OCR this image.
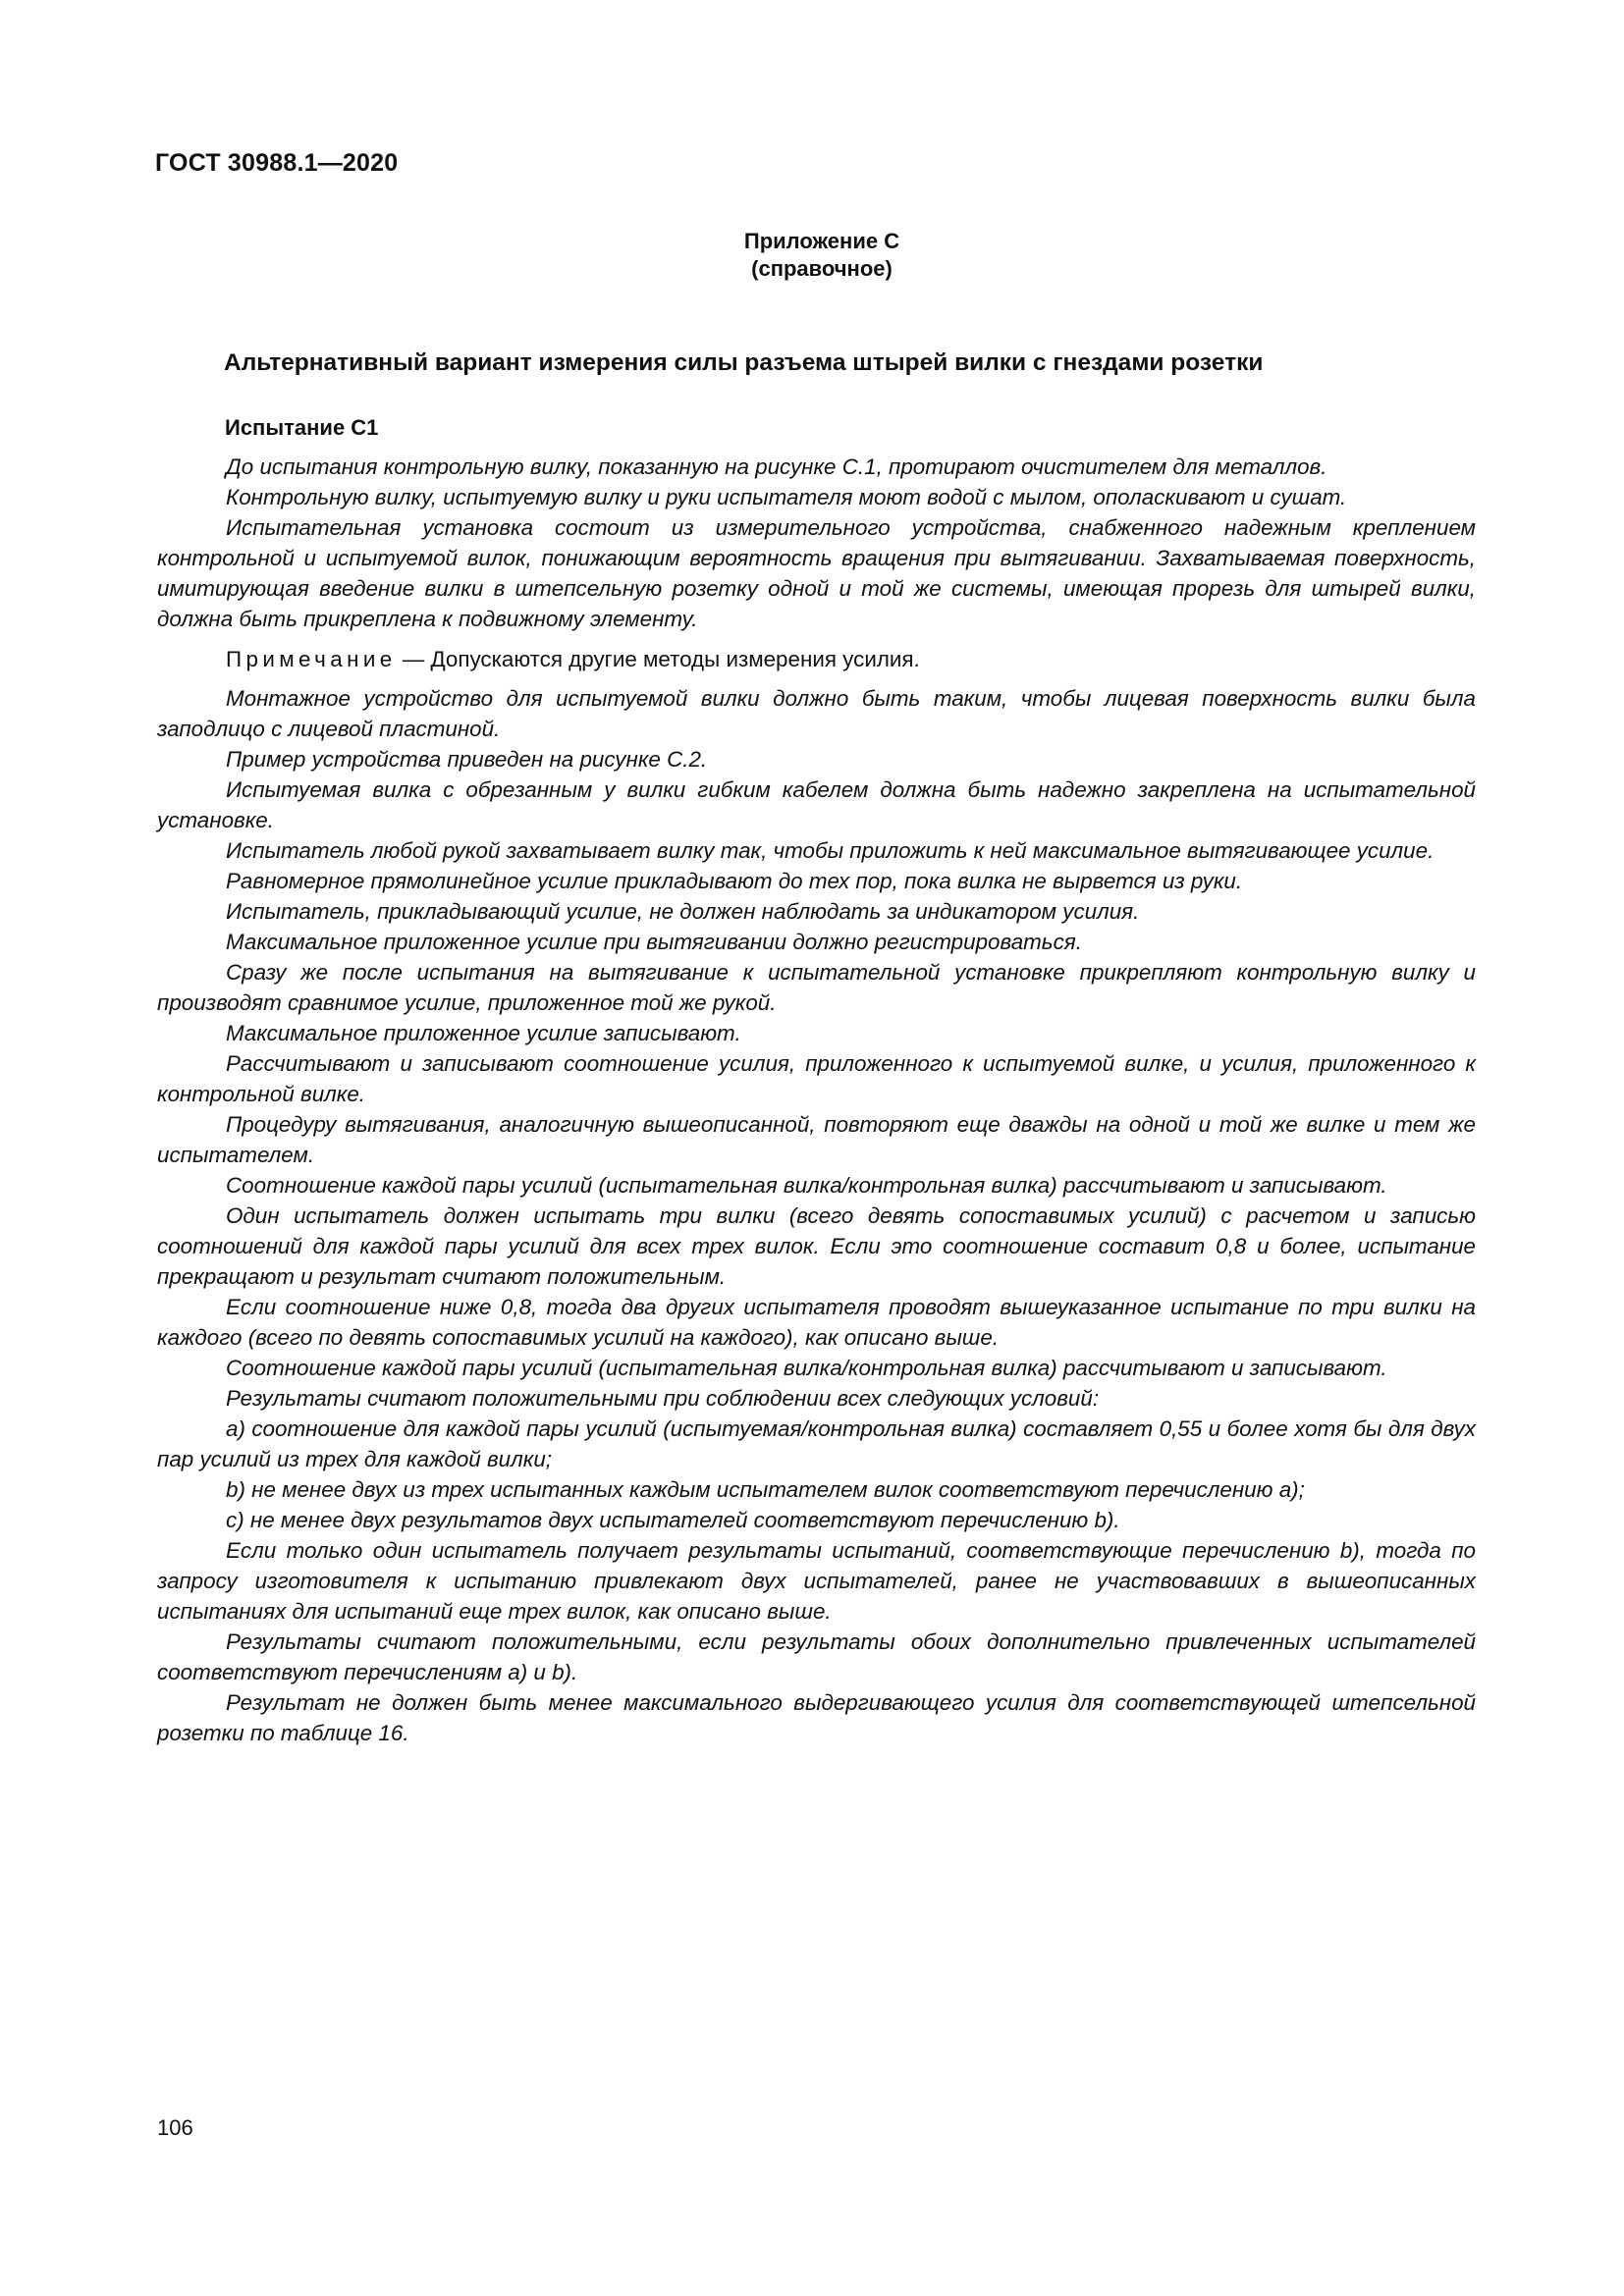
ГОСТ 30988.1—2020
Приложение C
(справочное)
Альтернативный вариант измерения силы разъема штырей вилки с гнездами розетки
Испытание C1

До испытания контрольную вилку, показанную на рисунке C.1, протирают очистителем для металлов.

Контрольную вилку, испытуемую вилку и руки испытателя моют водой с мылом, ополаскивают и сушат.

Испытательная установка состоит из измерительного устройства, снабженного надежным креплением контрольной и испытуемой вилок, понижающим вероятность вращения при вытягивании. Захватываемая поверхность, имитирующая введение вилки в штепсельную розетку одной и той же системы, имеющая прорезь для штырей вилки, должна быть прикреплена к подвижному элементу.

Примечание — Допускаются другие методы измерения усилия.

Монтажное устройство для испытуемой вилки должно быть таким, чтобы лицевая поверхность вилки была заподлицо с лицевой пластиной.

Пример устройства приведен на рисунке C.2.

Испытуемая вилка с обрезанным у вилки гибким кабелем должна быть надежно закреплена на испытательной установке.

Испытатель любой рукой захватывает вилку так, чтобы приложить к ней максимальное вытягивающее усилие.

Равномерное прямолинейное усилие прикладывают до тех пор, пока вилка не вырвется из руки.

Испытатель, прикладывающий усилие, не должен наблюдать за индикатором усилия.

Максимальное приложенное усилие при вытягивании должно регистрироваться.

Сразу же после испытания на вытягивание к испытательной установке прикрепляют контрольную вилку и производят сравнимое усилие, приложенное той же рукой.

Максимальное приложенное усилие записывают.

Рассчитывают и записывают соотношение усилия, приложенного к испытуемой вилке, и усилия, приложенного к контрольной вилке.

Процедуру вытягивания, аналогичную вышеописанной, повторяют еще дважды на одной и той же вилке и тем же испытателем.

Соотношение каждой пары усилий (испытательная вилка/контрольная вилка) рассчитывают и записывают.

Один испытатель должен испытать три вилки (всего девять сопоставимых усилий) с расчетом и записью соотношений для каждой пары усилий для всех трех вилок. Если это соотношение составит 0,8 и более, испытание прекращают и результат считают положительным.

Если соотношение ниже 0,8, тогда два других испытателя проводят вышеуказанное испытание по три вилки на каждого (всего по девять сопоставимых усилий на каждого), как описано выше.

Соотношение каждой пары усилий (испытательная вилка/контрольная вилка) рассчитывают и записывают.

Результаты считают положительными при соблюдении всех следующих условий:

a) соотношение для каждой пары усилий (испытуемая/контрольная вилка) составляет 0,55 и более хотя бы для двух пар усилий из трех для каждой вилки;

b) не менее двух из трех испытанных каждым испытателем вилок соответствуют перечислению a);

c) не менее двух результатов двух испытателей соответствуют перечислению b).

Если только один испытатель получает результаты испытаний, соответствующие перечислению b), тогда по запросу изготовителя к испытанию привлекают двух испытателей, ранее не участвовавших в вышеописанных испытаниях для испытаний еще трех вилок, как описано выше.

Результаты считают положительными, если результаты обоих дополнительно привлеченных испытателей соответствуют перечислениям a) и b).

Результат не должен быть менее максимального выдергивающего усилия для соответствующей штепсельной розетки по таблице 16.

106
